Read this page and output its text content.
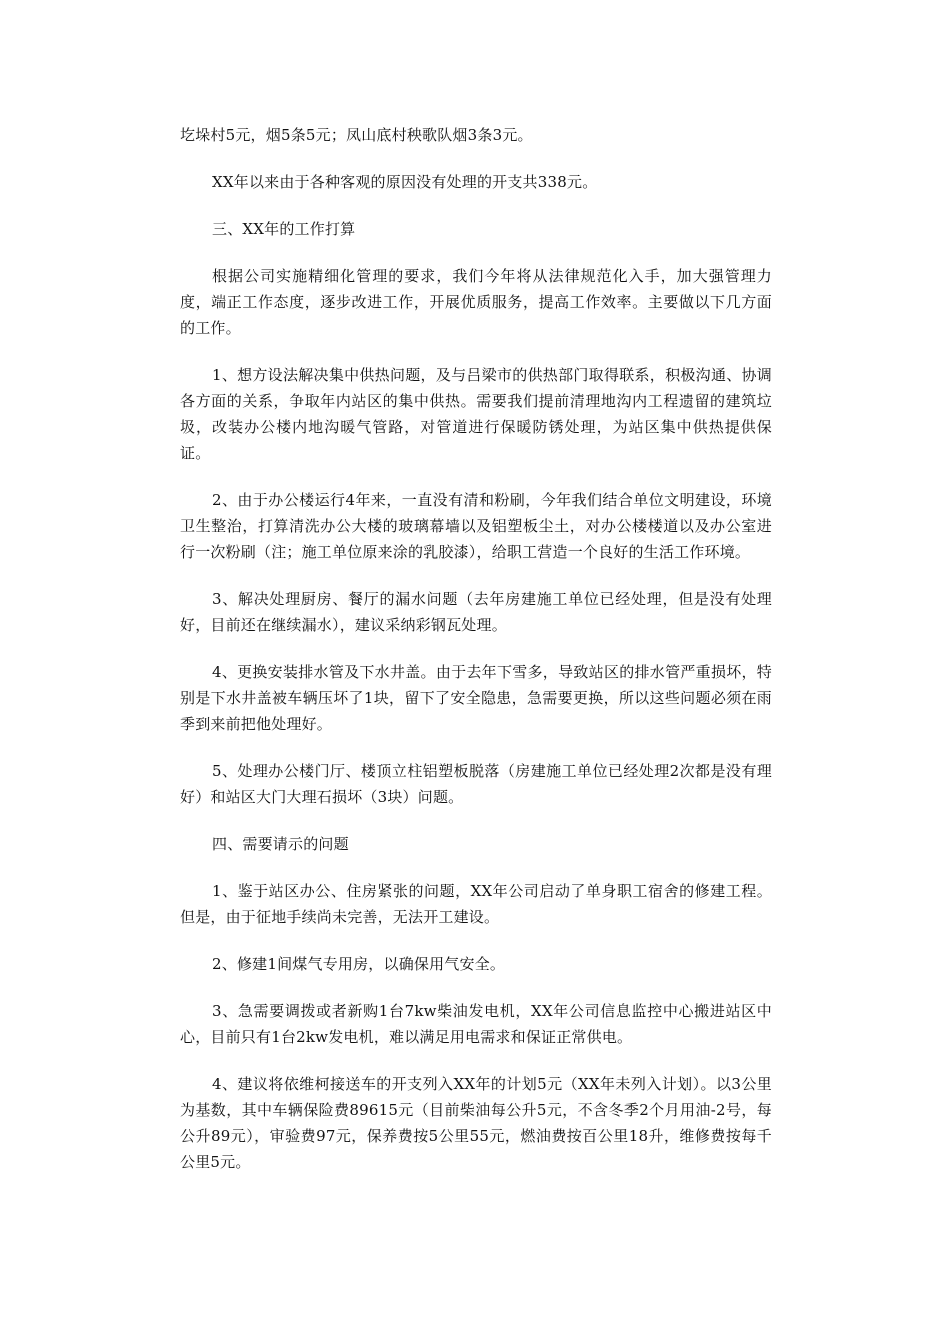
圪垛村5元，烟5条5元；凤山底村秧歌队烟3条3元。

XX年以来由于各种客观的原因没有处理的开支共338元。

三、XX年的工作打算

根据公司实施精细化管理的要求，我们今年将从法律规范化入手，加大强管理力度，端正工作态度，逐步改进工作，开展优质服务，提高工作效率。主要做以下几方面的工作。

1、想方设法解决集中供热问题，及与吕梁市的供热部门取得联系，积极沟通、协调各方面的关系，争取年内站区的集中供热。需要我们提前清理地沟内工程遗留的建筑垃圾，改装办公楼内地沟暖气管路，对管道进行保暖防锈处理，为站区集中供热提供保证。

2、由于办公楼运行4年来，一直没有清和粉刷，今年我们结合单位文明建设，环境卫生整治，打算清洗办公大楼的玻璃幕墙以及铝塑板尘土，对办公楼楼道以及办公室进行一次粉刷（注；施工单位原来涂的乳胶漆），给职工营造一个良好的生活工作环境。

3、解决处理厨房、餐厅的漏水问题（去年房建施工单位已经处理，但是没有处理好，目前还在继续漏水），建议采纳彩钢瓦处理。

4、更换安装排水管及下水井盖。由于去年下雪多，导致站区的排水管严重损坏，特别是下水井盖被车辆压坏了1块，留下了安全隐患，急需要更换，所以这些问题必须在雨季到来前把他处理好。

5、处理办公楼门厅、楼顶立柱铝塑板脱落（房建施工单位已经处理2次都是没有理好）和站区大门大理石损坏（3块）问题。

四、需要请示的问题

1、鉴于站区办公、住房紧张的问题，XX年公司启动了单身职工宿舍的修建工程。但是，由于征地手续尚未完善，无法开工建设。

2、修建1间煤气专用房，以确保用气安全。

3、急需要调拨或者新购1台7kw柴油发电机，XX年公司信息监控中心搬进站区中心，目前只有1台2kw发电机，难以满足用电需求和保证正常供电。

4、建议将依维柯接送车的开支列入XX年的计划5元（XX年未列入计划）。以3公里为基数，其中车辆保险费89615元（目前柴油每公升5元，不含冬季2个月用油-2号，每公升89元），审验费97元，保养费按5公里55元，燃油费按百公里18升，维修费按每千公里5元。
